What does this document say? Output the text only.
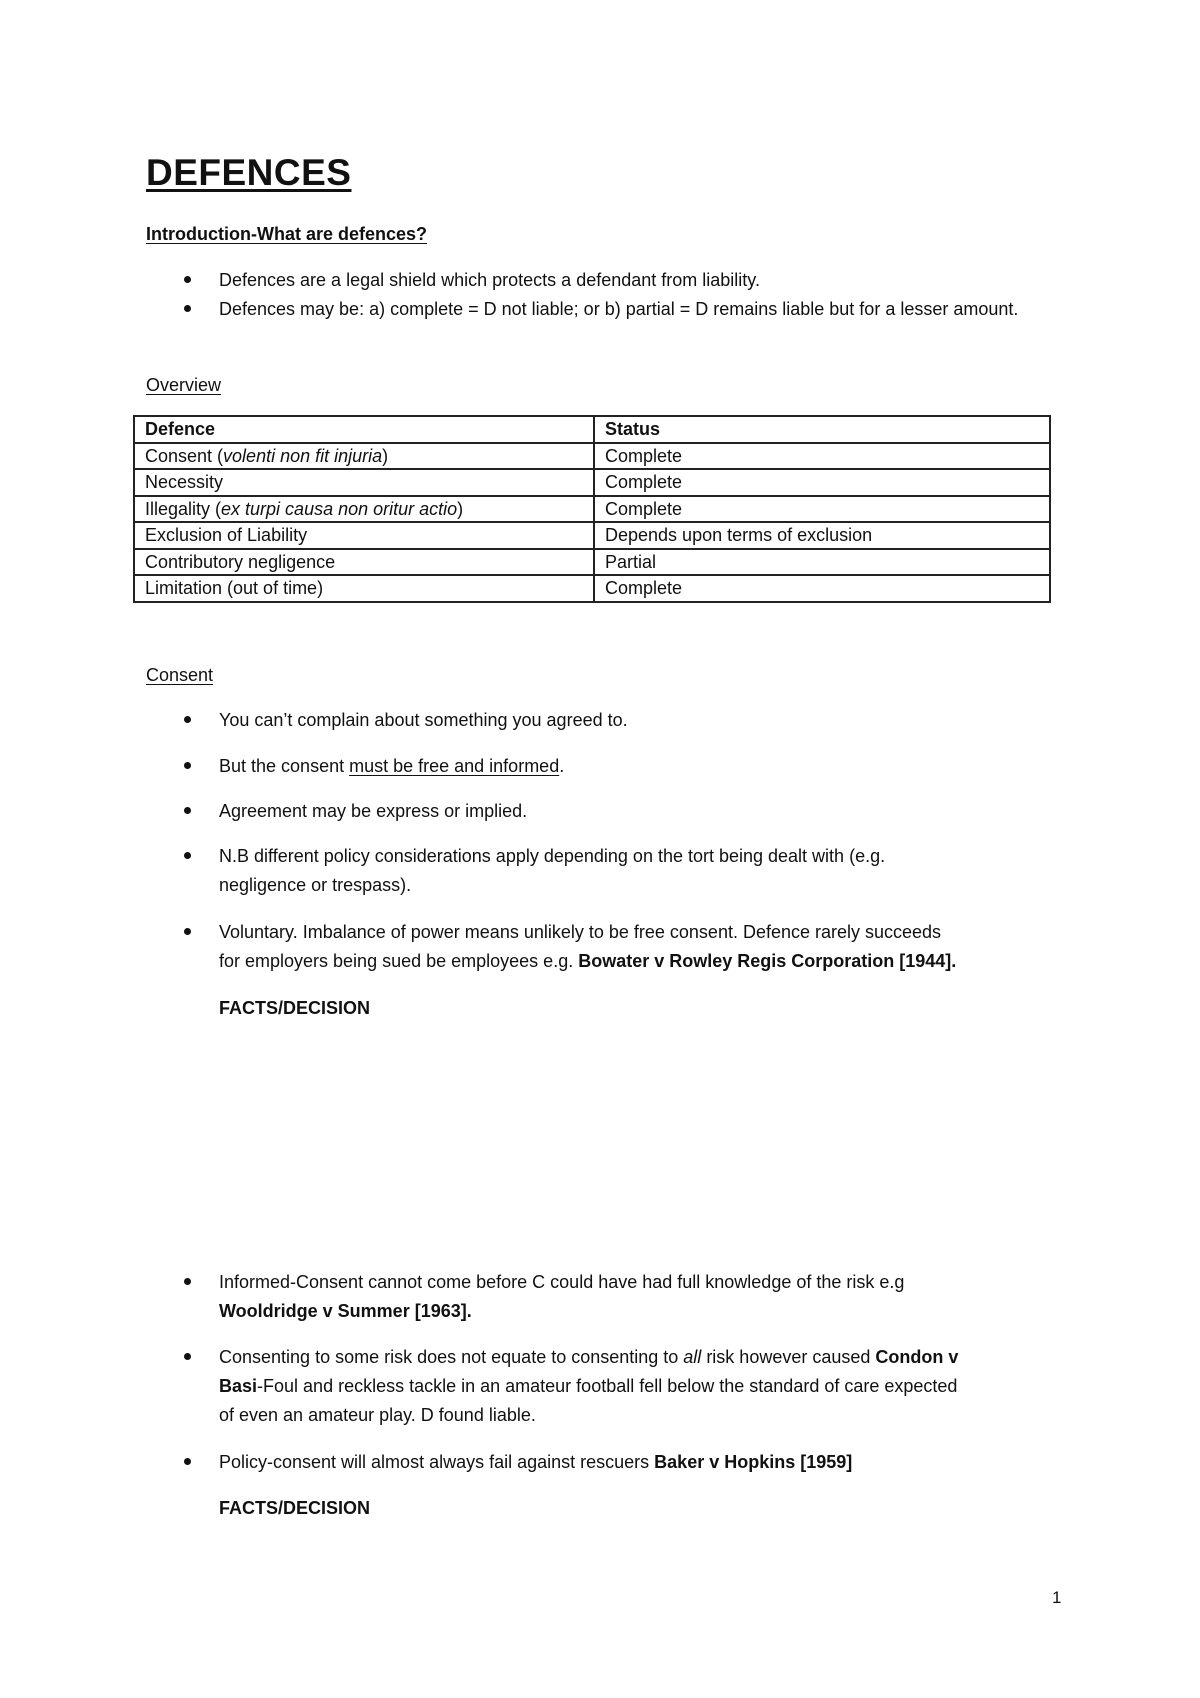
DEFENCES
Introduction-What are defences?
Defences are a legal shield which protects a defendant from liability.
Defences may be: a) complete = D not liable; or b) partial = D remains liable but for a lesser amount.
Overview
Defence	Status
Consent (volenti non fit injuria)	Complete
Necessity	Complete
Illegality (ex turpi causa non oritur actio)	Complete
Exclusion of Liability	Depends upon terms of exclusion
Contributory negligence	Partial
Limitation (out of time)	Complete
Consent
You can’t complain about something you agreed to.
But the consent must be free and informed.
Agreement may be express or implied.
N.B different policy considerations apply depending on the tort being dealt with (e.g.
negligence or trespass).
Voluntary. Imbalance of power means unlikely to be free consent. Defence rarely succeeds
for employers being sued be employees e.g. Bowater v Rowley Regis Corporation [1944].
FACTS/DECISION
Informed-Consent cannot come before C could have had full knowledge of the risk e.g
Wooldridge v Summer [1963].
Consenting to some risk does not equate to consenting to all risk however caused Condon v
Basi-Foul and reckless tackle in an amateur football fell below the standard of care expected
of even an amateur play. D found liable.
Policy-consent will almost always fail against rescuers Baker v Hopkins [1959]
FACTS/DECISION
1
